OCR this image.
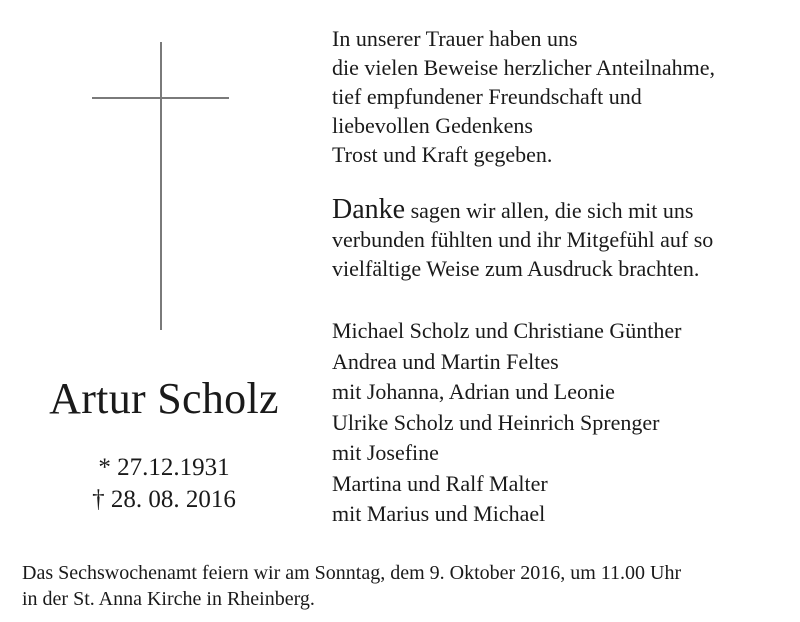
Artur Scholz
* 27.12.1931
† 28. 08. 2016
In unserer Trauer haben uns
die vielen Beweise herzlicher Anteilnahme,
tief empfundener Freundschaft und
liebevollen Gedenkens
Trost und Kraft gegeben.
Danke sagen wir allen, die sich mit uns
verbunden fühlten und ihr Mitgefühl auf so
vielfältige Weise zum Ausdruck brachten.
Michael Scholz und Christiane Günther
Andrea und Martin Feltes
mit Johanna, Adrian und Leonie
Ulrike Scholz und Heinrich Sprenger
mit Josefine
Martina und Ralf Malter
mit Marius und Michael
Das Sechswochenamt feiern wir am Sonntag, dem 9. Oktober 2016, um 11.00 Uhr
in der St. Anna Kirche in Rheinberg.
